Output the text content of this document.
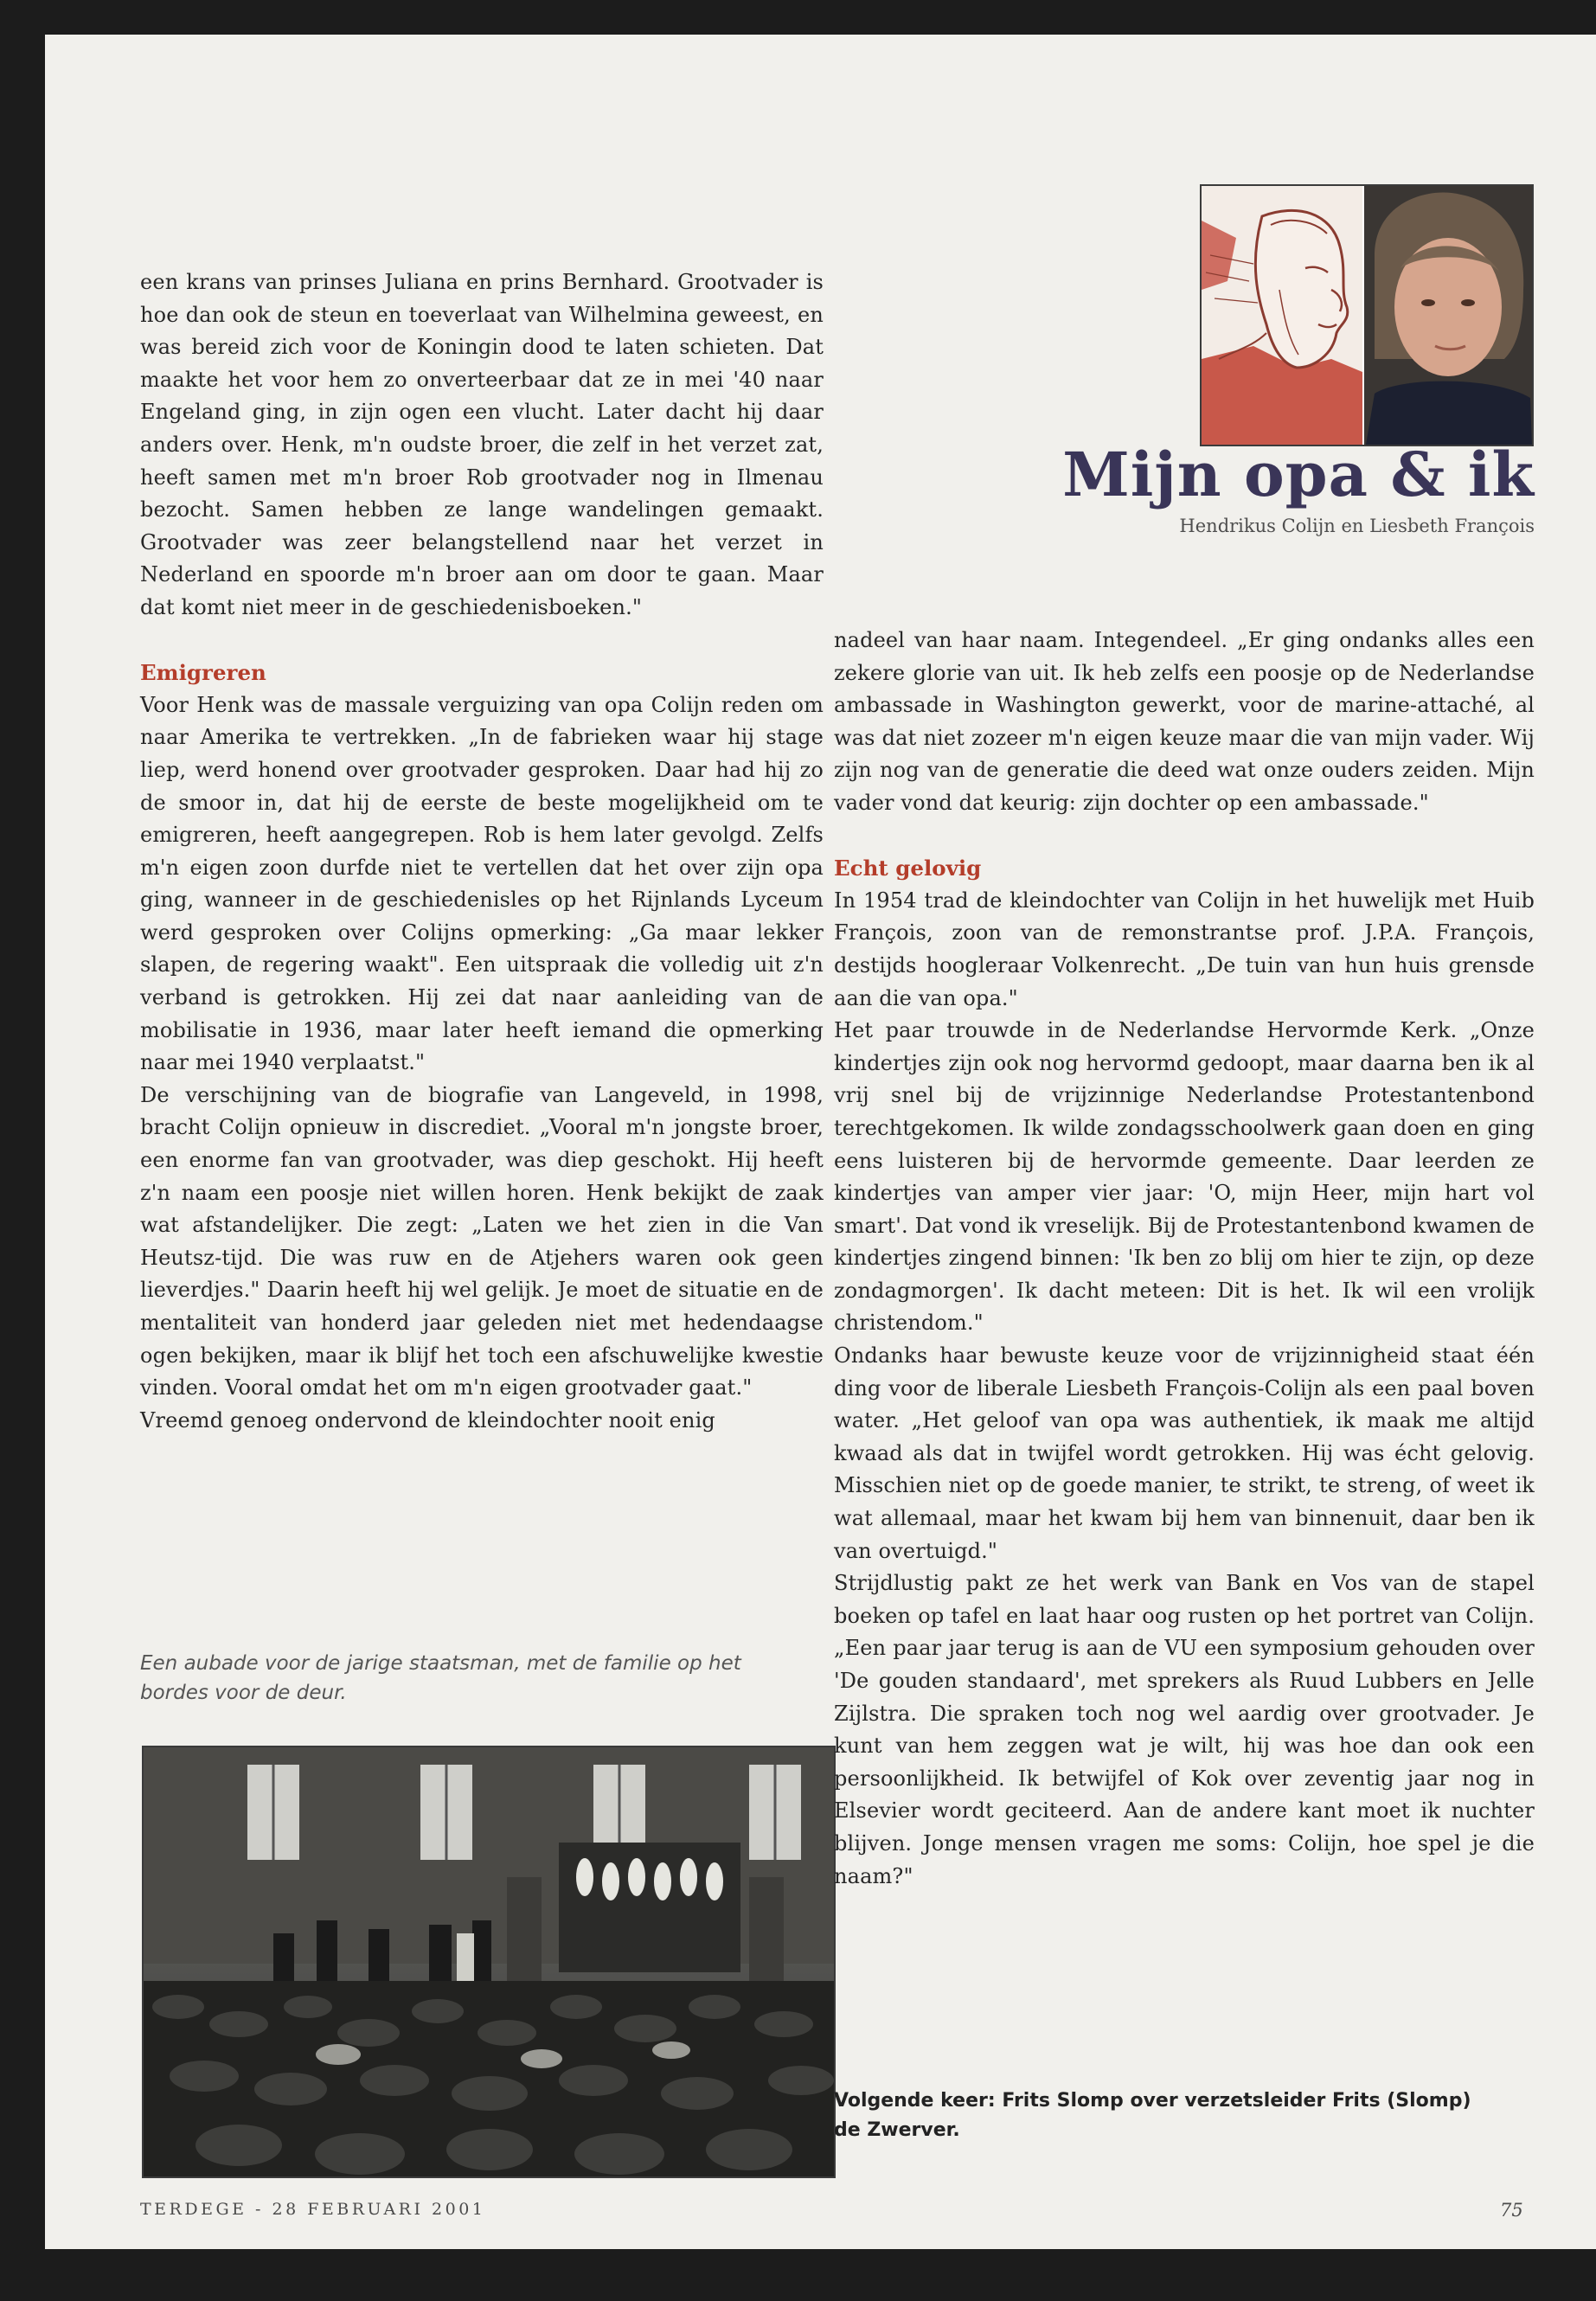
Mijn opa & ik
Hendrikus Colijn en Liesbeth François

een krans van prinses Juliana en prins Bernhard. Grootvader is hoe dan ook de steun en toeverlaat van Wilhelmina geweest, en was bereid zich voor de Koningin dood te laten schieten. Dat maakte het voor hem zo onverteerbaar dat ze in mei '40 naar Engeland ging, in zijn ogen een vlucht. Later dacht hij daar anders over. Henk, m'n oudste broer, die zelf in het verzet zat, heeft samen met m'n broer Rob grootvader nog in Ilmenau bezocht. Samen hebben ze lange wandelingen gemaakt. Grootvader was zeer belangstellend naar het verzet in Nederland en spoorde m'n broer aan om door te gaan. Maar dat komt niet meer in de geschiedenisboeken."

Emigreren

Voor Henk was de massale verguizing van opa Colijn reden om naar Amerika te vertrekken. „In de fabrieken waar hij stage liep, werd honend over grootvader gesproken. Daar had hij zo de smoor in, dat hij de eerste de beste mogelijkheid om te emigreren, heeft aangegrepen. Rob is hem later gevolgd. Zelfs m'n eigen zoon durfde niet te vertellen dat het over zijn opa ging, wanneer in de geschiedenisles op het Rijnlands Lyceum werd gesproken over Colijns opmerking: „Ga maar lekker slapen, de regering waakt". Een uitspraak die volledig uit z'n verband is getrokken. Hij zei dat naar aanleiding van de mobilisatie in 1936, maar later heeft iemand die opmerking naar mei 1940 verplaatst."

De verschijning van de biografie van Langeveld, in 1998, bracht Colijn opnieuw in discrediet. „Vooral m'n jongste broer, een enorme fan van grootvader, was diep geschokt. Hij heeft z'n naam een poosje niet willen horen. Henk bekijkt de zaak wat afstandelijker. Die zegt: „Laten we het zien in die Van Heutsz-tijd. Die was ruw en de Atjehers waren ook geen lieverdjes." Daarin heeft hij wel gelijk. Je moet de situatie en de mentaliteit van honderd jaar geleden niet met hedendaagse ogen bekijken, maar ik blijf het toch een afschuwelijke kwestie vinden. Vooral omdat het om m'n eigen grootvader gaat."

Vreemd genoeg ondervond de kleindochter nooit enig

Een aubade voor de jarige staatsman, met de familie op het bordes voor de deur.

nadeel van haar naam. Integendeel. „Er ging ondanks alles een zekere glorie van uit. Ik heb zelfs een poosje op de Nederlandse ambassade in Washington gewerkt, voor de marine-attaché, al was dat niet zozeer m'n eigen keuze maar die van mijn vader. Wij zijn nog van de generatie die deed wat onze ouders zeiden. Mijn vader vond dat keurig: zijn dochter op een ambassade."

Echt gelovig

In 1954 trad de kleindochter van Colijn in het huwelijk met Huib François, zoon van de remonstrantse prof. J.P.A. François, destijds hoogleraar Volkenrecht. „De tuin van hun huis grensde aan die van opa."

Het paar trouwde in de Nederlandse Hervormde Kerk. „Onze kindertjes zijn ook nog hervormd gedoopt, maar daarna ben ik al vrij snel bij de vrijzinnige Nederlandse Protestantenbond terechtgekomen. Ik wilde zondagsschoolwerk gaan doen en ging eens luisteren bij de hervormde gemeente. Daar leerden ze kindertjes van amper vier jaar: 'O, mijn Heer, mijn hart vol smart'. Dat vond ik vreselijk. Bij de Protestantenbond kwamen de kindertjes zingend binnen: 'Ik ben zo blij om hier te zijn, op deze zondagmorgen'. Ik dacht meteen: Dit is het. Ik wil een vrolijk christendom."

Ondanks haar bewuste keuze voor de vrijzinnigheid staat één ding voor de liberale Liesbeth François-Colijn als een paal boven water. „Het geloof van opa was authentiek, ik maak me altijd kwaad als dat in twijfel wordt getrokken. Hij was écht gelovig. Misschien niet op de goede manier, te strikt, te streng, of weet ik wat allemaal, maar het kwam bij hem van binnenuit, daar ben ik van overtuigd."

Strijdlustig pakt ze het werk van Bank en Vos van de stapel boeken op tafel en laat haar oog rusten op het portret van Colijn. „Een paar jaar terug is aan de VU een symposium gehouden over 'De gouden standaard', met sprekers als Ruud Lubbers en Jelle Zijlstra. Die spraken toch nog wel aardig over grootvader. Je kunt van hem zeggen wat je wilt, hij was hoe dan ook een persoonlijkheid. Ik betwijfel of Kok over zeventig jaar nog in Elsevier wordt geciteerd. Aan de andere kant moet ik nuchter blijven. Jonge mensen vragen me soms: Colijn, hoe spel je die naam?"

Volgende keer: Frits Slomp over verzetsleider Frits (Slomp) de Zwerver.
TERDEGE - 28 FEBRUARI 2001	75
